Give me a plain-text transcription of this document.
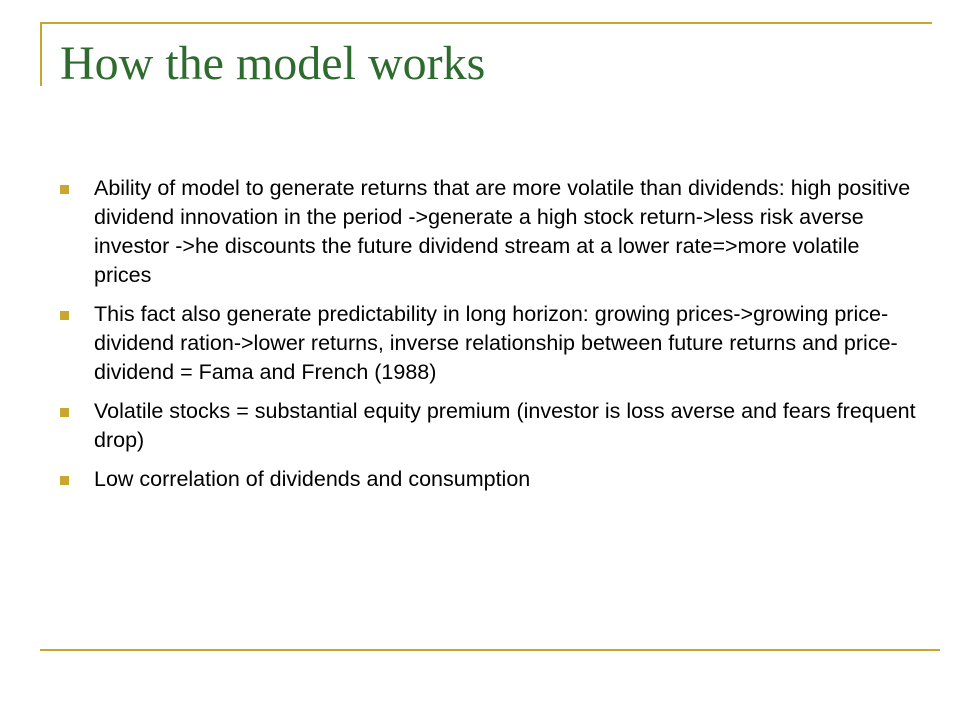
How the model works
Ability of model to generate returns that are more volatile than dividends: high positive dividend innovation in the period ->generate a high stock return->less risk averse investor ->he discounts the future dividend stream at a lower rate=>more volatile prices
This fact also generate predictability in long horizon: growing prices->growing price-dividend ration->lower returns, inverse relationship between future returns and price-dividend = Fama and French (1988)
Volatile stocks = substantial equity premium (investor is loss averse and fears frequent drop)
Low correlation of dividends and consumption
